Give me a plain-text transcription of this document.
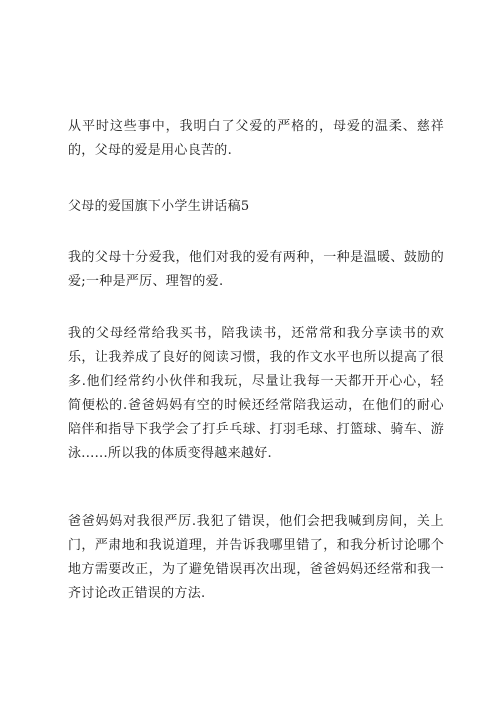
从平时这些事中，我明白了父爱的严格的，母爱的温柔、慈祥的，父母的爱是用心良苦的.

父母的爱国旗下小学生讲话稿5

我的父母十分爱我，他们对我的爱有两种，一种是温暖、鼓励的爱;一种是严厉、理智的爱.

我的父母经常给我买书，陪我读书，还常常和我分享读书的欢乐，让我养成了良好的阅读习惯，我的作文水平也所以提高了很多.他们经常约小伙伴和我玩，尽量让我每一天都开开心心，轻简便松的.爸爸妈妈有空的时候还经常陪我运动，在他们的耐心陪伴和指导下我学会了打乒乓球、打羽毛球、打篮球、骑车、游泳......所以我的体质变得越来越好.

爸爸妈妈对我很严厉.我犯了错误，他们会把我喊到房间，关上门，严肃地和我说道理，并告诉我哪里错了，和我分析讨论哪个地方需要改正，为了避免错误再次出现，爸爸妈妈还经常和我一齐讨论改正错误的方法.
